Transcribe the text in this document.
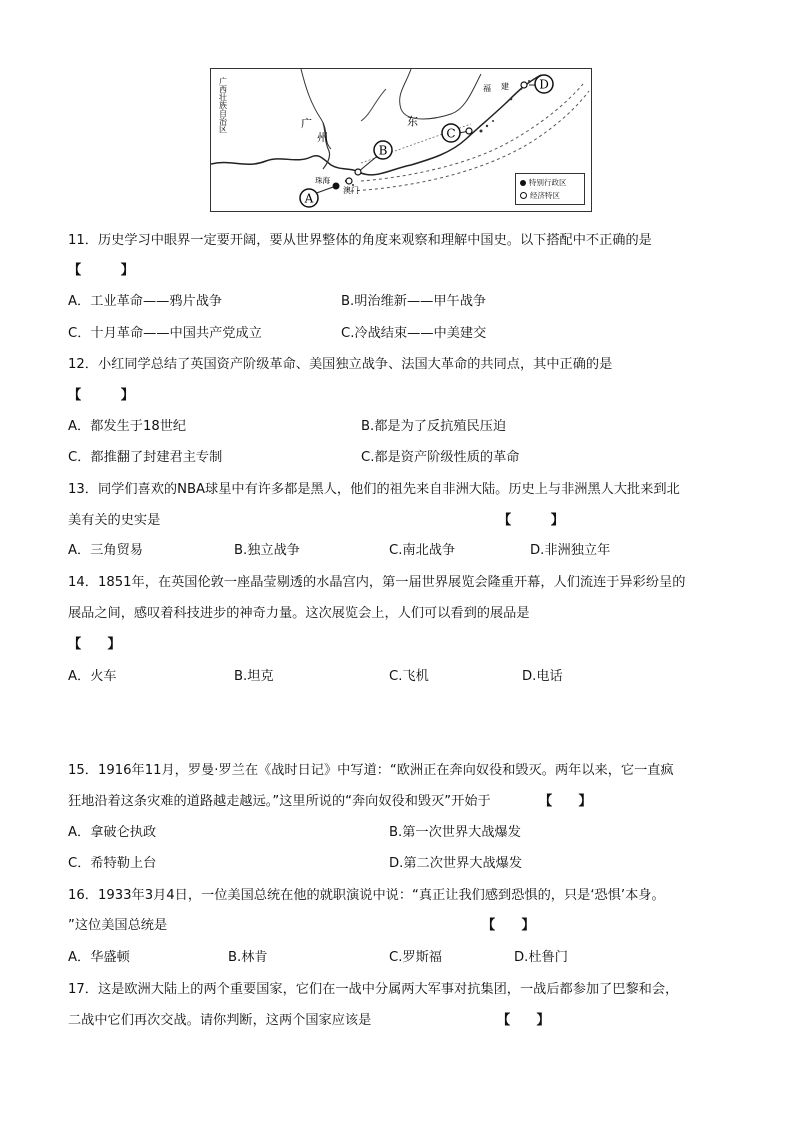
A
B
C
D
广
州
东
福 建
珠海
澳门
广西壮族自治区
特别行政区
经济特区
11．历史学习中眼界一定要开阔，要从世界整体的角度来观察和理解中国史。以下搭配中不正确的是
【　　　】
A．工业革命——鸦片战争	B.明治维新——甲午战争
C．十月革命——中国共产党成立	C.冷战结束——中美建交
12．小红同学总结了英国资产阶级革命、美国独立战争、法国大革命的共同点，其中正确的是
【　　　】
A．都发生于18世纪	B.都是为了反抗殖民压迫
C．都推翻了封建君主专制	C.都是资产阶级性质的革命
13．同学们喜欢的NBA球星中有许多都是黑人，他们的祖先来自非洲大陆。历史上与非洲黑人大批来到北
美有关的史实是	【　　　】
A．三角贸易	B.独立战争	C.南北战争	D.非洲独立年
14．1851年，在英国伦敦一座晶莹剔透的水晶宫内，第一届世界展览会隆重开幕，人们流连于异彩纷呈的
展品之间，感叹着科技进步的神奇力量。这次展览会上，人们可以看到的展品是
【　　】
A．火车	B.坦克	C.飞机	D.电话
15．1916年11月，罗曼·罗兰在《战时日记》中写道：“欧洲正在奔向奴役和毁灭。两年以来，它一直疯
狂地沿着这条灾难的道路越走越远。”这里所说的“奔向奴役和毁灭”开始于	【　　】
A．拿破仑执政	B.第一次世界大战爆发
C．希特勒上台	D.第二次世界大战爆发
16．1933年3月4日，一位美国总统在他的就职演说中说：“真正让我们感到恐惧的，只是‘恐惧’本身。
”这位美国总统是	【　　】
A．华盛顿	B.林肯	C.罗斯福	D.杜鲁门
17．这是欧洲大陆上的两个重要国家，它们在一战中分属两大军事对抗集团，一战后都参加了巴黎和会，
二战中它们再次交战。请你判断，这两个国家应该是	【　　】
